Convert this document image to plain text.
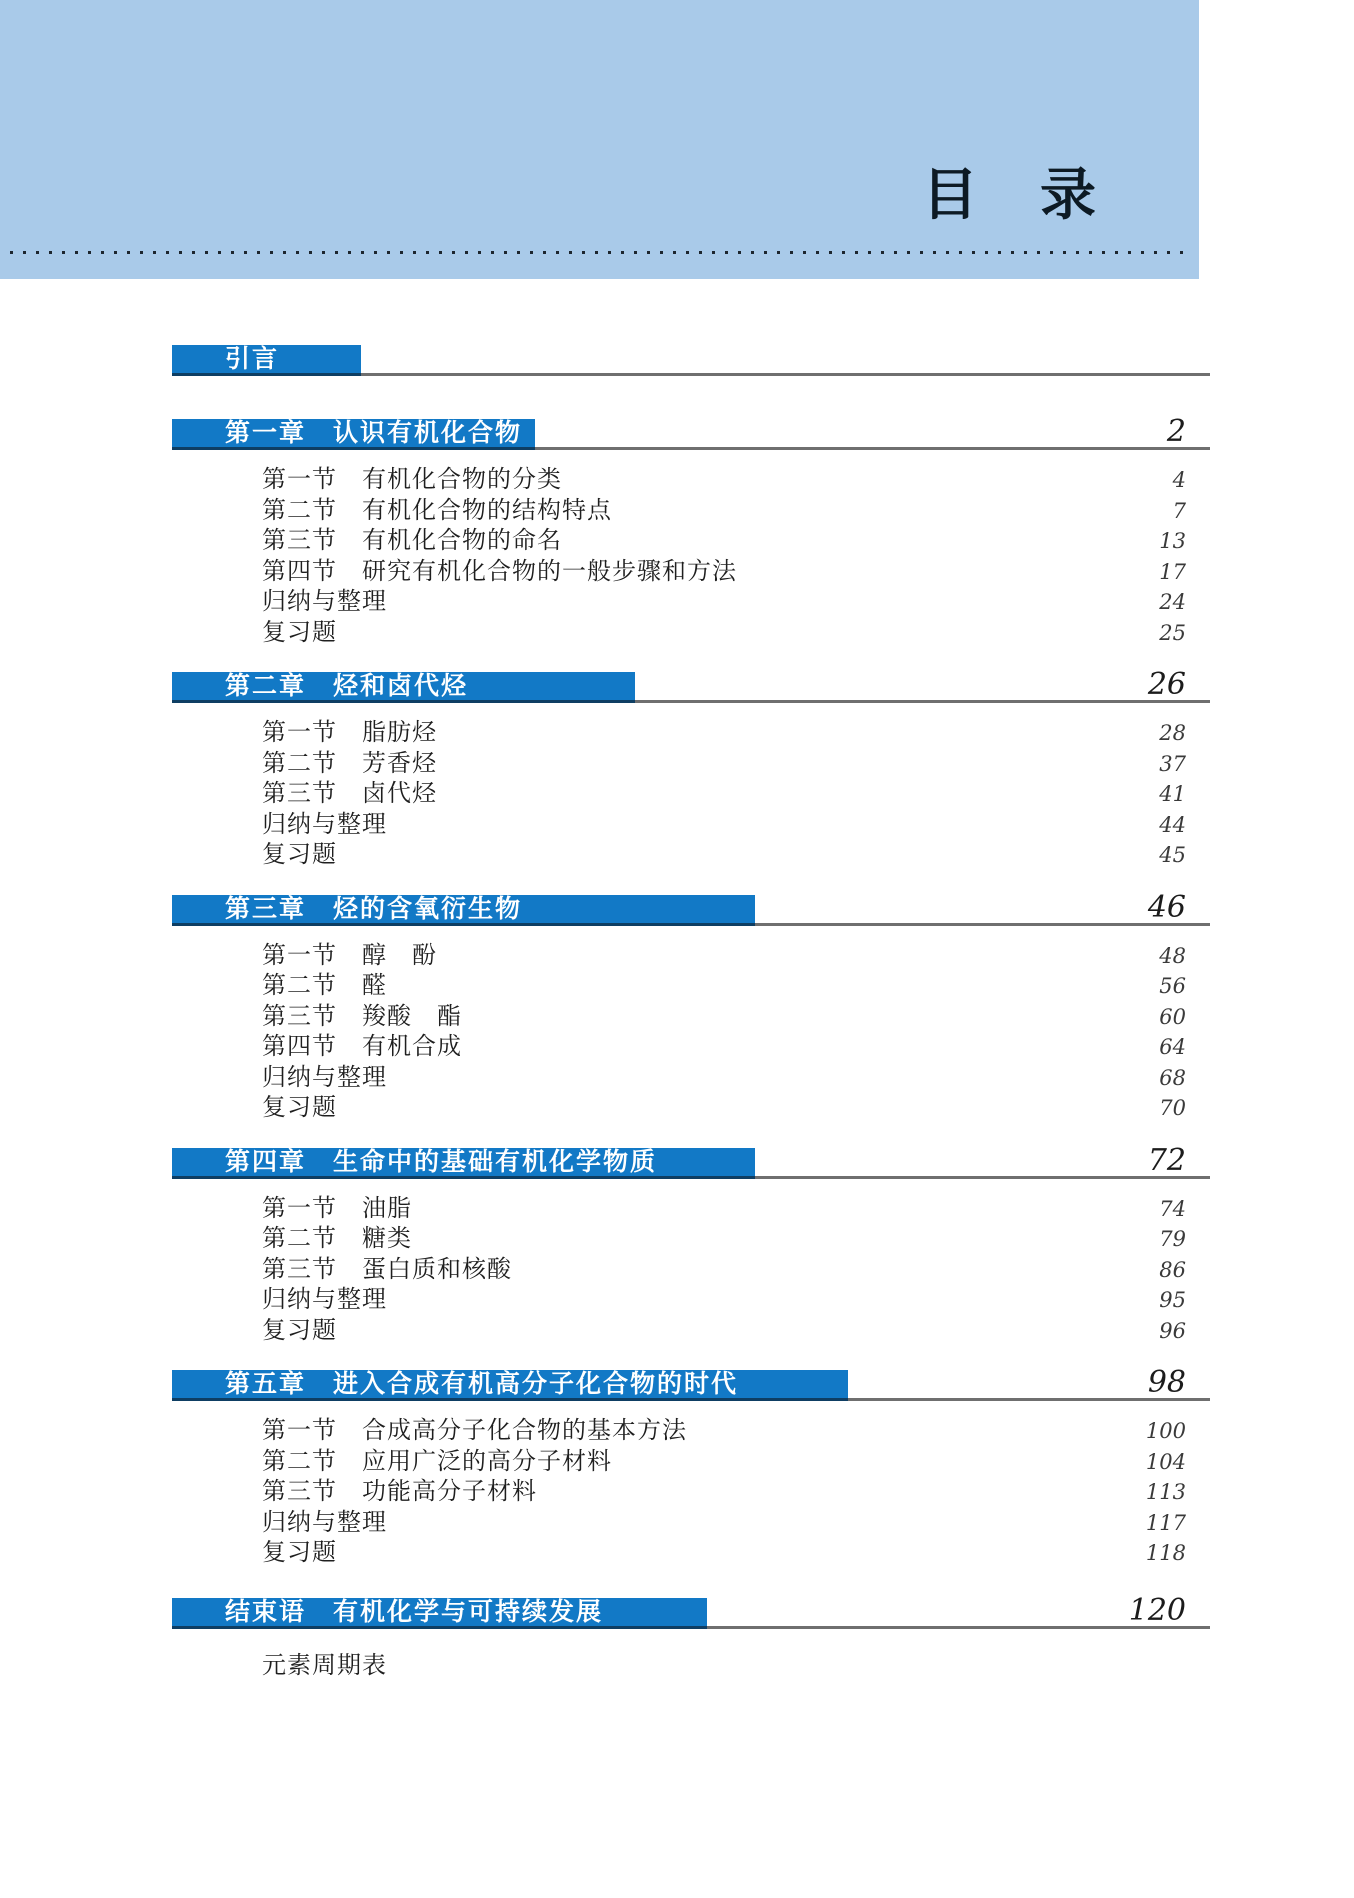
目　录
引言
第一章　认识有机化合物	2
第一节　有机化合物的分类	4
第二节　有机化合物的结构特点	7
第三节　有机化合物的命名	13
第四节　研究有机化合物的一般步骤和方法	17
归纳与整理	24
复习题	25
第二章　烃和卤代烃	26
第一节　脂肪烃	28
第二节　芳香烃	37
第三节　卤代烃	41
归纳与整理	44
复习题	45
第三章　烃的含氧衍生物	46
第一节　醇　酚	48
第二节　醛	56
第三节　羧酸　酯	60
第四节　有机合成	64
归纳与整理	68
复习题	70
第四章　生命中的基础有机化学物质	72
第一节　油脂	74
第二节　糖类	79
第三节　蛋白质和核酸	86
归纳与整理	95
复习题	96
第五章　进入合成有机高分子化合物的时代	98
第一节　合成高分子化合物的基本方法	100
第二节　应用广泛的高分子材料	104
第三节　功能高分子材料	113
归纳与整理	117
复习题	118
结束语　有机化学与可持续发展	120
元素周期表
